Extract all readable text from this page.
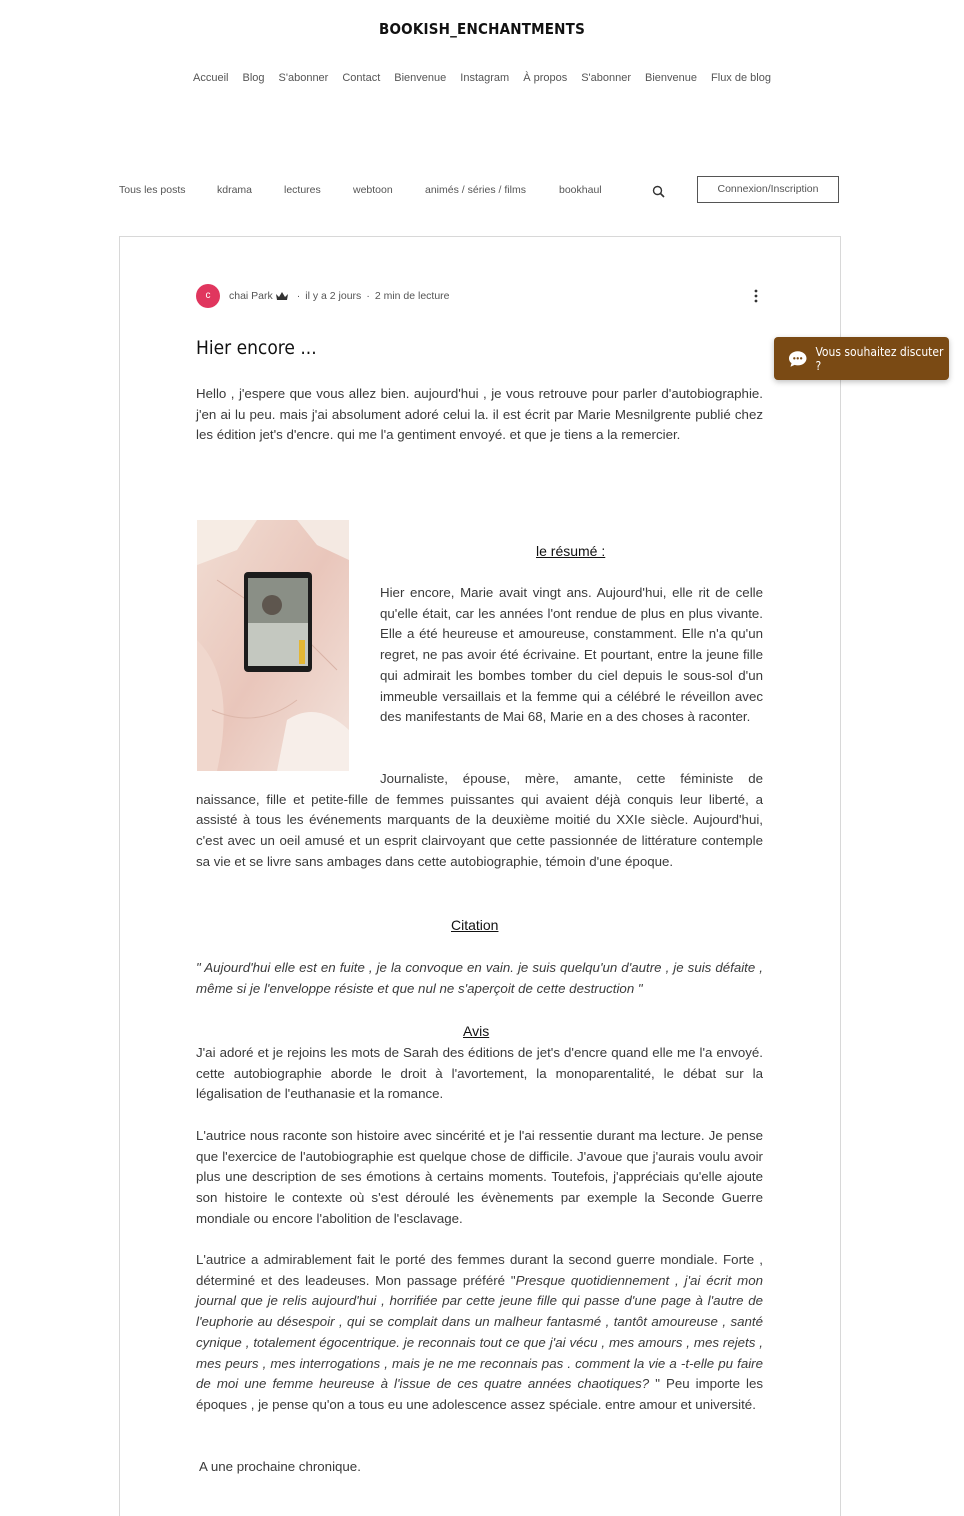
BOOKISH_ENCHANTMENTS
Accueil Blog S'abonner Contact Bienvenue Instagram À propos S'abonner Bienvenue Flux de blog
Tous les posts	kdrama	lectures	webtoon	animés / séries / films	bookhaul	Connexion/Inscription
c	chai Park · il y a 2 jours · 2 min de lecture
Hier encore ...	Vous souhaitez discuter ?

Hello , j'espere que vous allez bien. aujourd'hui , je vous retrouve pour parler d'autobiographie. j'en ai lu peu. mais j'ai absolument adoré celui la. il est écrit par Marie Mesnilgrente publié chez les édition jet's d'encre. qui me l'a gentiment envoyé. et que je tiens a la remercier.

le résumé :

Hier encore, Marie avait vingt ans. Aujourd'hui, elle rit de celle qu'elle était, car les années l'ont rendue de plus en plus vivante. Elle a été heureuse et amoureuse, constamment. Elle n'a qu'un regret, ne pas avoir été écrivaine. Et pourtant, entre la jeune fille qui admirait les bombes tomber du ciel depuis le sous-sol d'un immeuble versaillais et la femme qui a célébré le réveillon avec des manifestants de Mai 68, Marie en a des choses à raconter.

Journaliste, épouse, mère, amante, cette féministe de naissance, fille et petite-fille de femmes puissantes qui avaient déjà conquis leur liberté, a assisté à tous les événements marquants de la deuxième moitié du XXIe siècle. Aujourd'hui, c'est avec un oeil amusé et un esprit clairvoyant que cette passionnée de littérature contemple sa vie et se livre sans ambages dans cette autobiographie, témoin d'une époque.

Citation

" Aujourd'hui elle est en fuite , je la convoque en vain. je suis quelqu'un d'autre , je suis défaite , même si je l'enveloppe résiste et que nul ne s'aperçoit de cette destruction "

Avis

J'ai adoré et je rejoins les mots de Sarah des éditions de jet's d'encre quand elle me l'a envoyé. cette autobiographie aborde le droit à l'avortement, la monoparentalité, le débat sur la légalisation de l'euthanasie et la romance.

L'autrice nous raconte son histoire avec sincérité et je l'ai ressentie durant ma lecture. Je pense que l'exercice de l'autobiographie est quelque chose de difficile. J'avoue que j'aurais voulu avoir plus une description de ses émotions à certains moments. Toutefois, j'appréciais qu'elle ajoute son histoire le contexte où s'est déroulé les évènements par exemple la Seconde Guerre mondiale ou encore l'abolition de l'esclavage.

L'autrice a admirablement fait le porté des femmes durant la second guerre mondiale. Forte , déterminé et des leadeuses. Mon passage préféré "Presque quotidiennement , j'ai écrit mon journal que je relis aujourd'hui , horrifiée par cette jeune fille qui passe d'une page à l'autre de l'euphorie au désespoir , qui se complait dans un malheur fantasmé , tantôt amoureuse , santé cynique , totalement égocentrique. je reconnais tout ce que j'ai vécu , mes amours , mes rejets , mes peurs , mes interrogations , mais je ne me reconnais pas . comment la vie a -t-elle pu faire de moi une femme heureuse à l'issue de ces quatre années chaotiques? " Peu importe les époques , je pense qu'on a tous eu une adolescence assez spéciale. entre amour et université.

A une prochaine chronique.
